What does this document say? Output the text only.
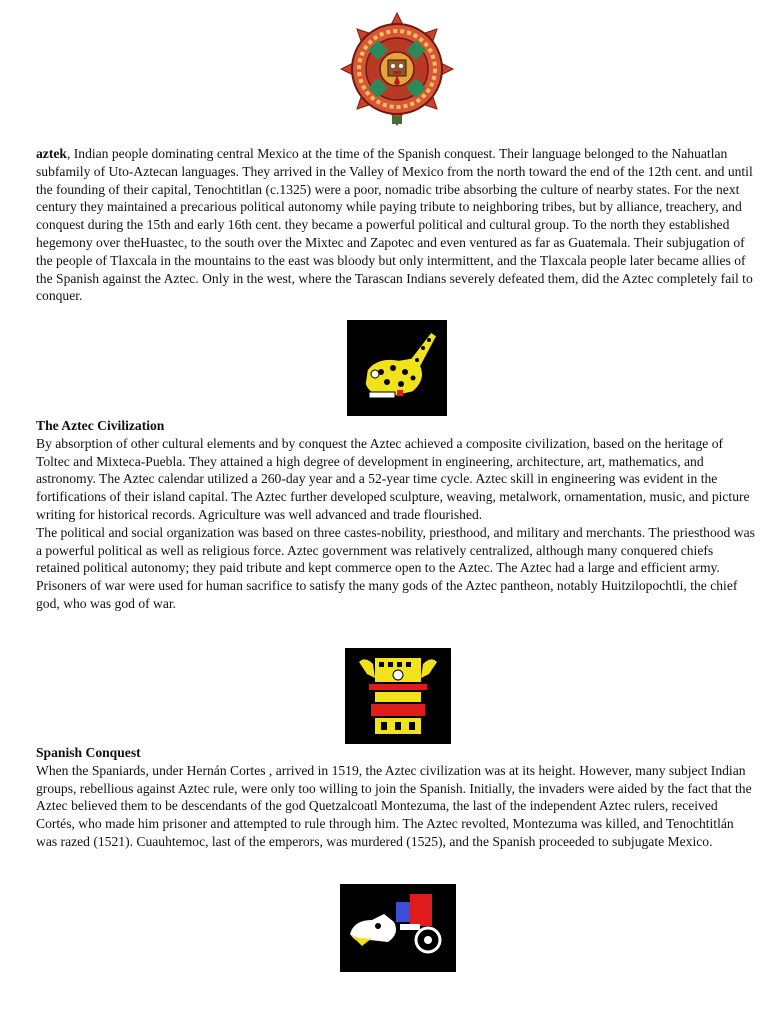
aztek, Indian people dominating central Mexico at the time of the Spanish conquest. Their language belonged to the Nahuatlan subfamily of Uto-Aztecan languages. They arrived in the Valley of Mexico from the north toward the end of the 12th cent. and until the founding of their capital, Tenochtitlan (c.1325) were a poor, nomadic tribe absorbing the culture of nearby states. For the next century they maintained a precarious political autonomy while paying tribute to neighboring tribes, but by alliance, treachery, and conquest during the 15th and early 16th cent. they became a powerful political and cultural group. To the north they established hegemony over theHuastec, to the south over the Mixtec and Zapotec and even ventured as far as Guatemala. Their subjugation of the people of Tlaxcala in the mountains to the east was bloody but only intermittent, and the Tlaxcala people later became allies of the Spanish against the Aztec. Only in the west, where the Tarascan Indians severely defeated them, did the Aztec completely fail to conquer.

The Aztec Civilization

By absorption of other cultural elements and by conquest the Aztec achieved a composite civilization, based on the heritage of Toltec and Mixteca-Puebla. They attained a high degree of development in engineering, architecture, art, mathematics, and astronomy. The Aztec calendar utilized a 260-day year and a 52-year time cycle. Aztec skill in engineering was evident in the fortifications of their island capital. The Aztec further developed sculpture, weaving, metalwork, ornamentation, music, and picture writing for historical records. Agriculture was well advanced and trade flourished.

The political and social organization was based on three castes-nobility, priesthood, and military and merchants. The priesthood was a powerful political as well as religious force. Aztec government was relatively centralized, although many conquered chiefs retained political autonomy; they paid tribute and kept commerce open to the Aztec. The Aztec had a large and efficient army. Prisoners of war were used for human sacrifice to satisfy the many gods of the Aztec pantheon, notably Huitzilopochtli, the chief god, who was god of war.

Spanish Conquest

When the Spaniards, under Hernán Cortes , arrived in 1519, the Aztec civilization was at its height. However, many subject Indian groups, rebellious against Aztec rule, were only too willing to join the Spanish. Initially, the invaders were aided by the fact that the Aztec believed them to be descendants of the god Quetzalcoatl Montezuma, the last of the independent Aztec rulers, received Cortés, who made him prisoner and attempted to rule through him. The Aztec revolted, Montezuma was killed, and Tenochtitlán was razed (1521). Cuauhtemoc, last of the emperors, was murdered (1525), and the Spanish proceeded to subjugate Mexico.
